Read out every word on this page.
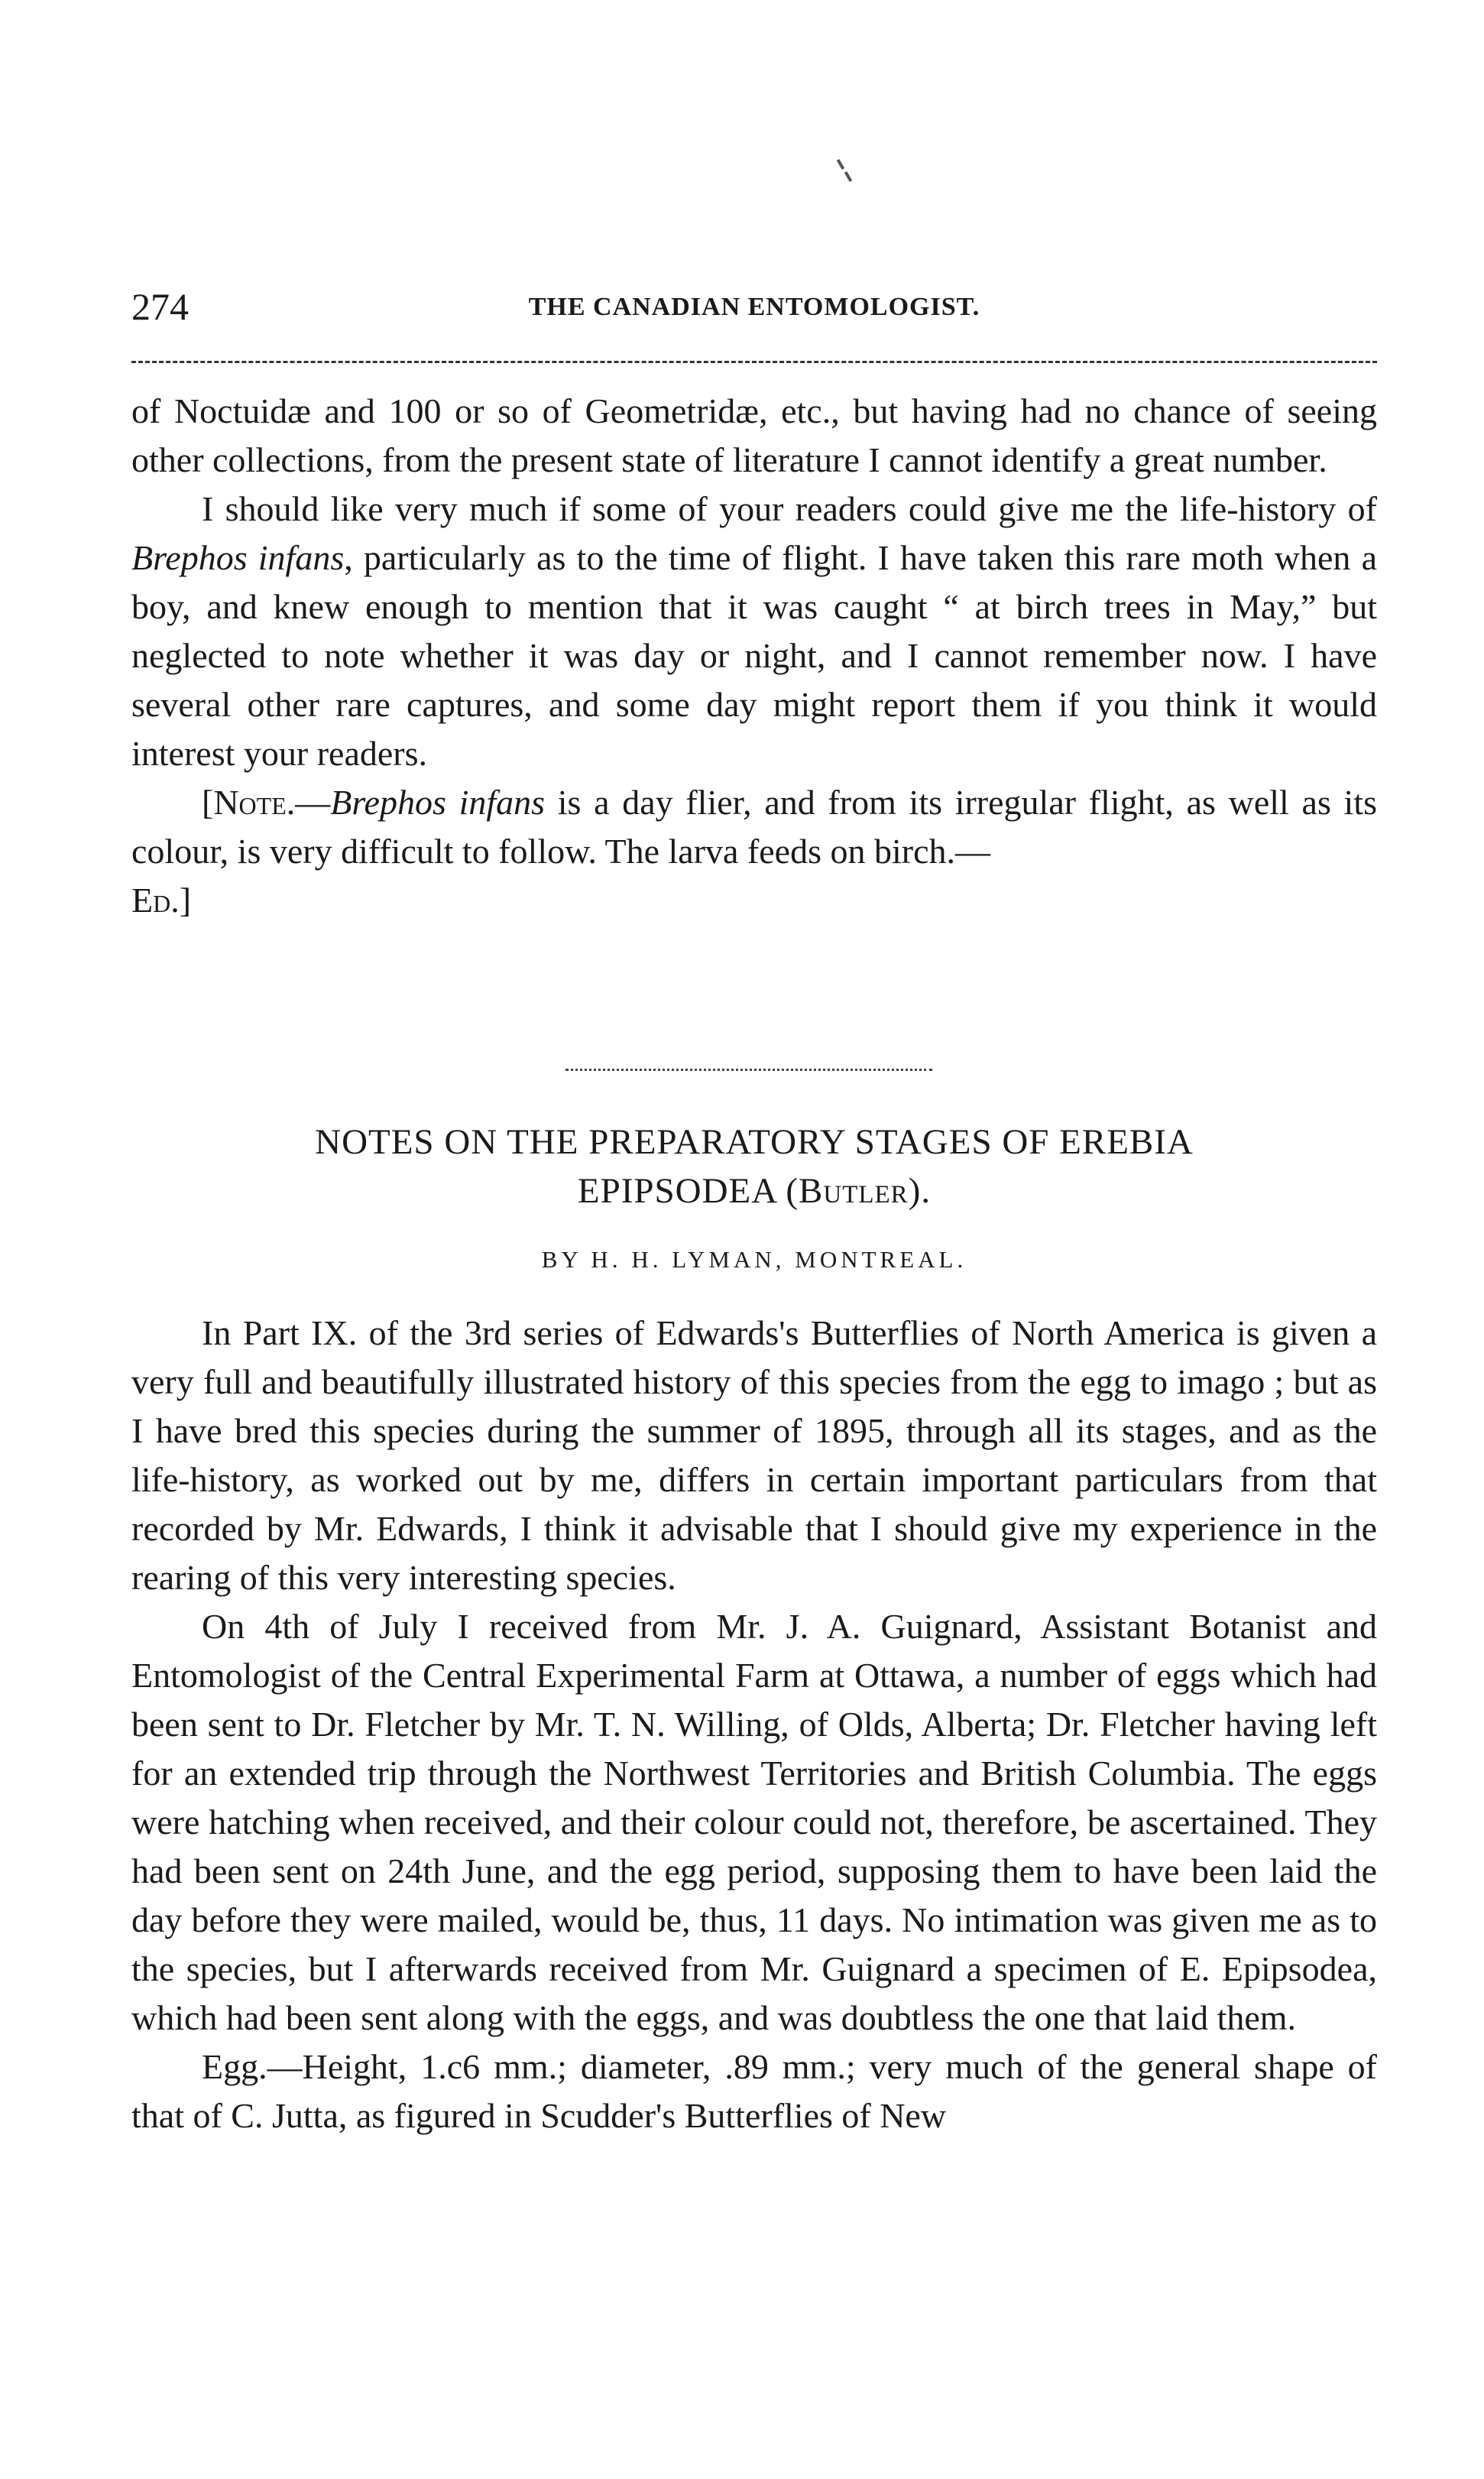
274	THE CANADIAN ENTOMOLOGIST.

of Noctuidæ and 100 or so of Geometridæ, etc., but having had no chance of seeing other collections, from the present state of literature I cannot identify a great number.

I should like very much if some of your readers could give me the life-history of Brephos infans, particularly as to the time of flight. I have taken this rare moth when a boy, and knew enough to mention that it was caught “ at birch trees in May,” but neglected to note whether it was day or night, and I cannot remember now. I have several other rare captures, and some day might report them if you think it would interest your readers.

[Note.—Brephos infans is a day flier, and from its irregular flight, as well as its colour, is very difficult to follow. The larva feeds on birch.—

Ed.]

NOTES ON THE PREPARATORY STAGES OF EREBIA
EPIPSODEA (Butler).
BY H. H. LYMAN, MONTREAL.

In Part IX. of the 3rd series of Edwards's Butterflies of North America is given a very full and beautifully illustrated history of this species from the egg to imago ; but as I have bred this species during the summer of 1895, through all its stages, and as the life-history, as worked out by me, differs in certain important particulars from that recorded by Mr. Edwards, I think it advisable that I should give my experience in the rearing of this very interesting species.

On 4th of July I received from Mr. J. A. Guignard, Assistant Botanist and Entomologist of the Central Experimental Farm at Ottawa, a number of eggs which had been sent to Dr. Fletcher by Mr. T. N. Willing, of Olds, Alberta; Dr. Fletcher having left for an extended trip through the Northwest Territories and British Columbia. The eggs were hatching when received, and their colour could not, therefore, be ascertained. They had been sent on 24th June, and the egg period, supposing them to have been laid the day before they were mailed, would be, thus, 11 days. No intimation was given me as to the species, but I afterwards received from Mr. Guignard a specimen of E. Epipsodea, which had been sent along with the eggs, and was doubtless the one that laid them.

Egg.—Height, 1.c6 mm.; diameter, .89 mm.; very much of the general shape of that of C. Jutta, as figured in Scudder's Butterflies of New
